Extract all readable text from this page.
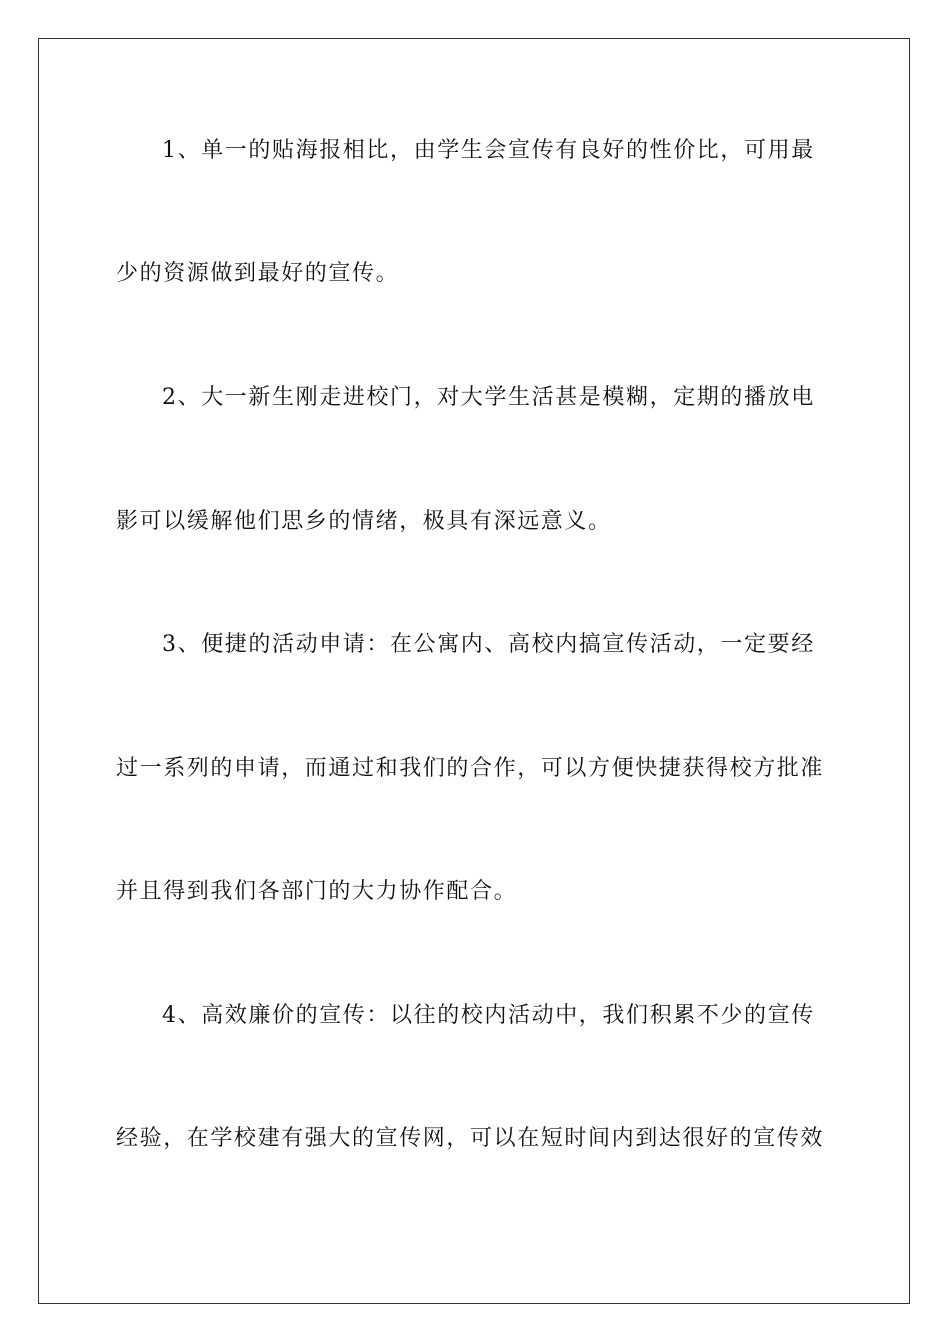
1、单一的贴海报相比，由学生会宣传有良好的性价比，可用最
少的资源做到最好的宣传。
2、大一新生刚走进校门，对大学生活甚是模糊，定期的播放电
影可以缓解他们思乡的情绪，极具有深远意义。
3、便捷的活动申请：在公寓内、高校内搞宣传活动，一定要经
过一系列的申请，而通过和我们的合作，可以方便快捷获得校方批准
并且得到我们各部门的大力协作配合。
4、高效廉价的宣传：以往的校内活动中，我们积累不少的宣传
经验，在学校建有强大的宣传网，可以在短时间内到达很好的宣传效
